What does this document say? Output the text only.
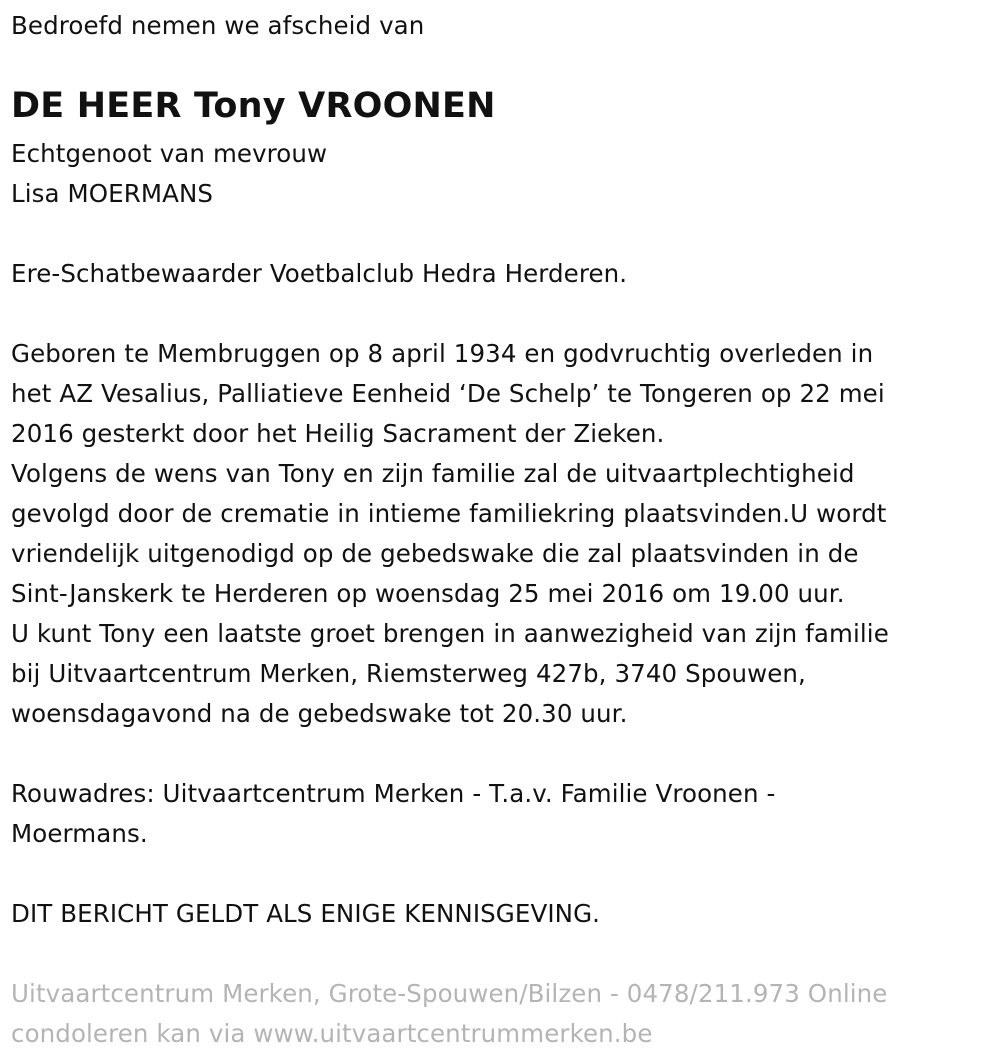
Bedroefd nemen we afscheid van
DE HEER Tony VROONEN
Echtgenoot van mevrouw
Lisa MOERMANS
Ere-Schatbewaarder Voetbalclub Hedra Herderen.
Geboren te Membruggen op 8 april 1934 en godvruchtig overleden in
het AZ Vesalius, Palliatieve Eenheid ‘De Schelp’ te Tongeren op 22 mei
2016 gesterkt door het Heilig Sacrament der Zieken.
Volgens de wens van Tony en zijn familie zal de uitvaartplechtigheid
gevolgd door de crematie in intieme familiekring plaatsvinden.U wordt
vriendelijk uitgenodigd op de gebedswake die zal plaatsvinden in de
Sint-Janskerk te Herderen op woensdag 25 mei 2016 om 19.00 uur.
U kunt Tony een laatste groet brengen in aanwezigheid van zijn familie
bij Uitvaartcentrum Merken, Riemsterweg 427b, 3740 Spouwen,
woensdagavond na de gebedswake tot 20.30 uur.
Rouwadres: Uitvaartcentrum Merken - T.a.v. Familie Vroonen -
Moermans.
DIT BERICHT GELDT ALS ENIGE KENNISGEVING.
Uitvaartcentrum Merken, Grote-Spouwen/Bilzen - 0478/211.973 Online
condoleren kan via www.uitvaartcentrummerken.be
